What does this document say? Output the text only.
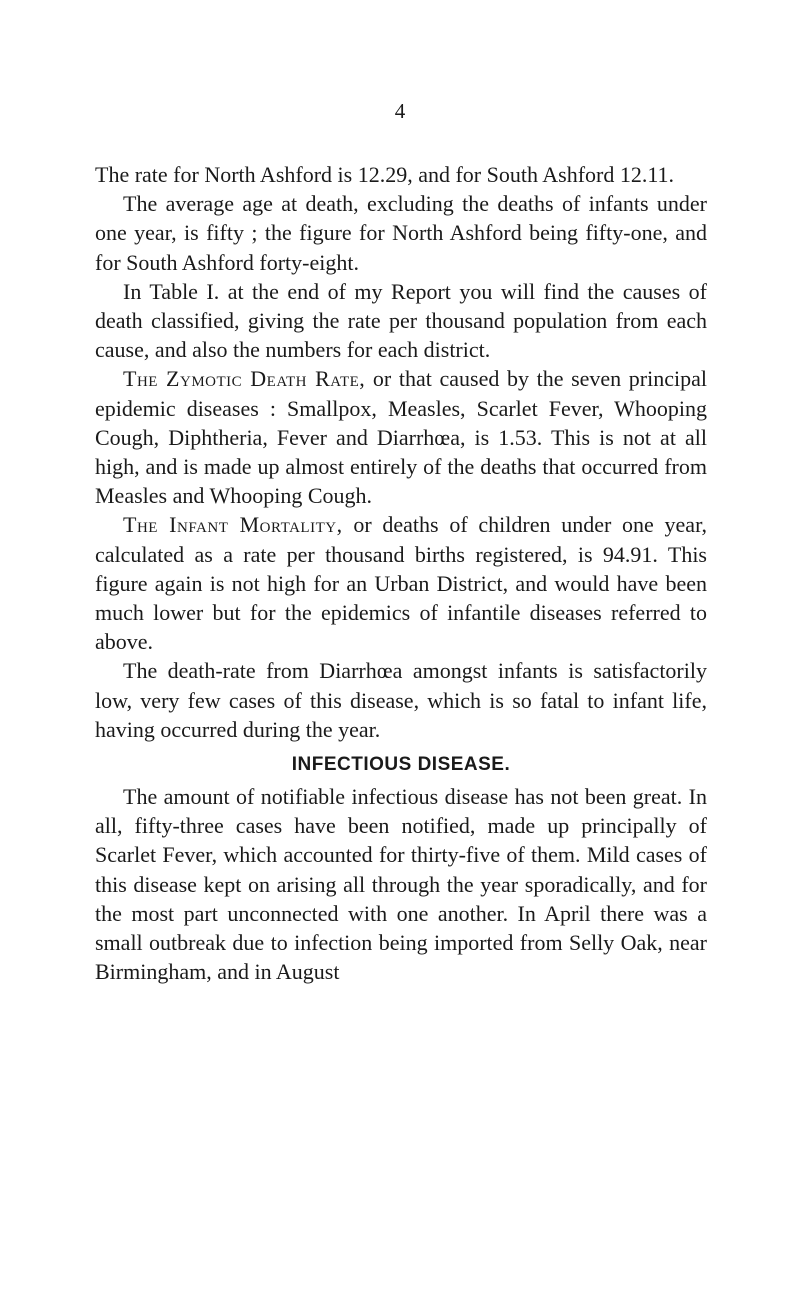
4

The rate for North Ashford is 12.29, and for South Ashford 12.11.

The average age at death, excluding the deaths of infants under one year, is fifty ; the figure for North Ashford being fifty-one, and for South Ashford forty-eight.

In Table I. at the end of my Report you will find the causes of death classified, giving the rate per thousand population from each cause, and also the numbers for each district.

The Zymotic Death Rate, or that caused by the seven principal epidemic diseases : Smallpox, Measles, Scarlet Fever, Whooping Cough, Diphtheria, Fever and Diarrhœa, is 1.53. This is not at all high, and is made up almost entirely of the deaths that occurred from Measles and Whooping Cough.

The Infant Mortality, or deaths of children under one year, calculated as a rate per thousand births registered, is 94.91. This figure again is not high for an Urban District, and would have been much lower but for the epidemics of infantile diseases referred to above.

The death-rate from Diarrhœa amongst infants is satisfactorily low, very few cases of this disease, which is so fatal to infant life, having occurred during the year.

INFECTIOUS DISEASE.

The amount of notifiable infectious disease has not been great. In all, fifty-three cases have been notified, made up principally of Scarlet Fever, which accounted for thirty-five of them. Mild cases of this disease kept on arising all through the year sporadically, and for the most part unconnected with one another. In April there was a small outbreak due to infection being imported from Selly Oak, near Birmingham, and in August
